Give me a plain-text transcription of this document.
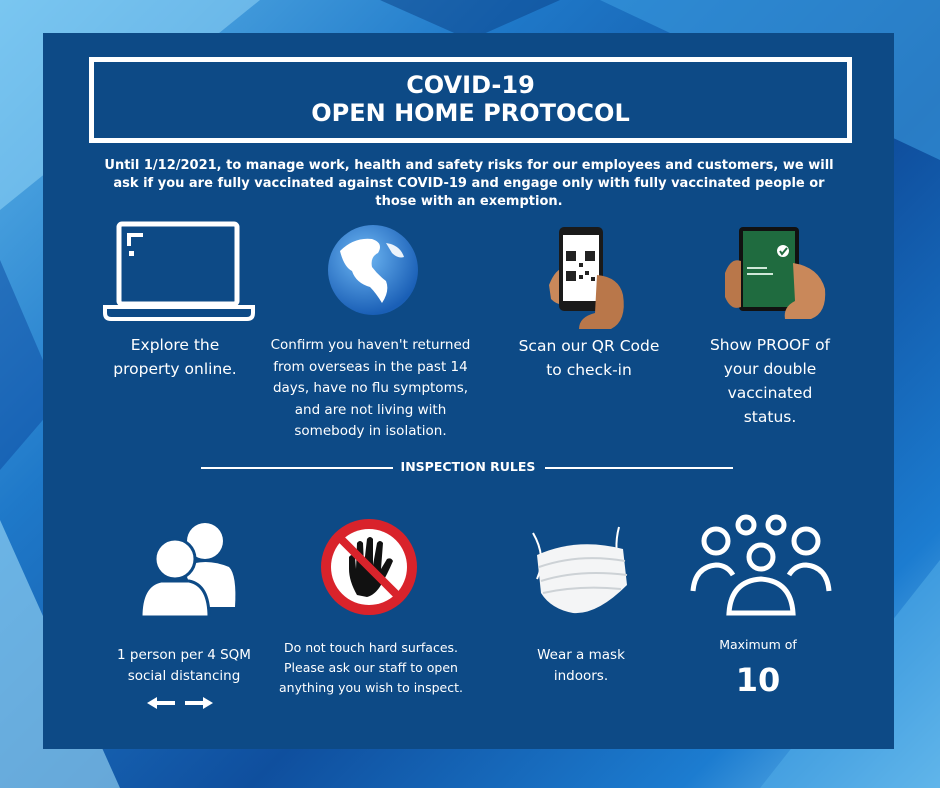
COVID-19
OPEN HOME PROTOCOL
Until 1/12/2021, to manage work, health and safety risks for our employees and customers, we will ask if you are fully vaccinated against COVID-19 and engage only with fully vaccinated people or those with an exemption.
Explore the property online.
Confirm you haven't returned from overseas in the past 14 days, have no flu symptoms, and are not living with somebody in isolation.
Scan our QR Code to check-in
Show PROOF of your double vaccinated status.
INSPECTION RULES
1 person per 4 SQM social distancing
Do not touch hard surfaces. Please ask our staff to open anything you wish to inspect.
Wear a mask indoors.
Maximum of
10
